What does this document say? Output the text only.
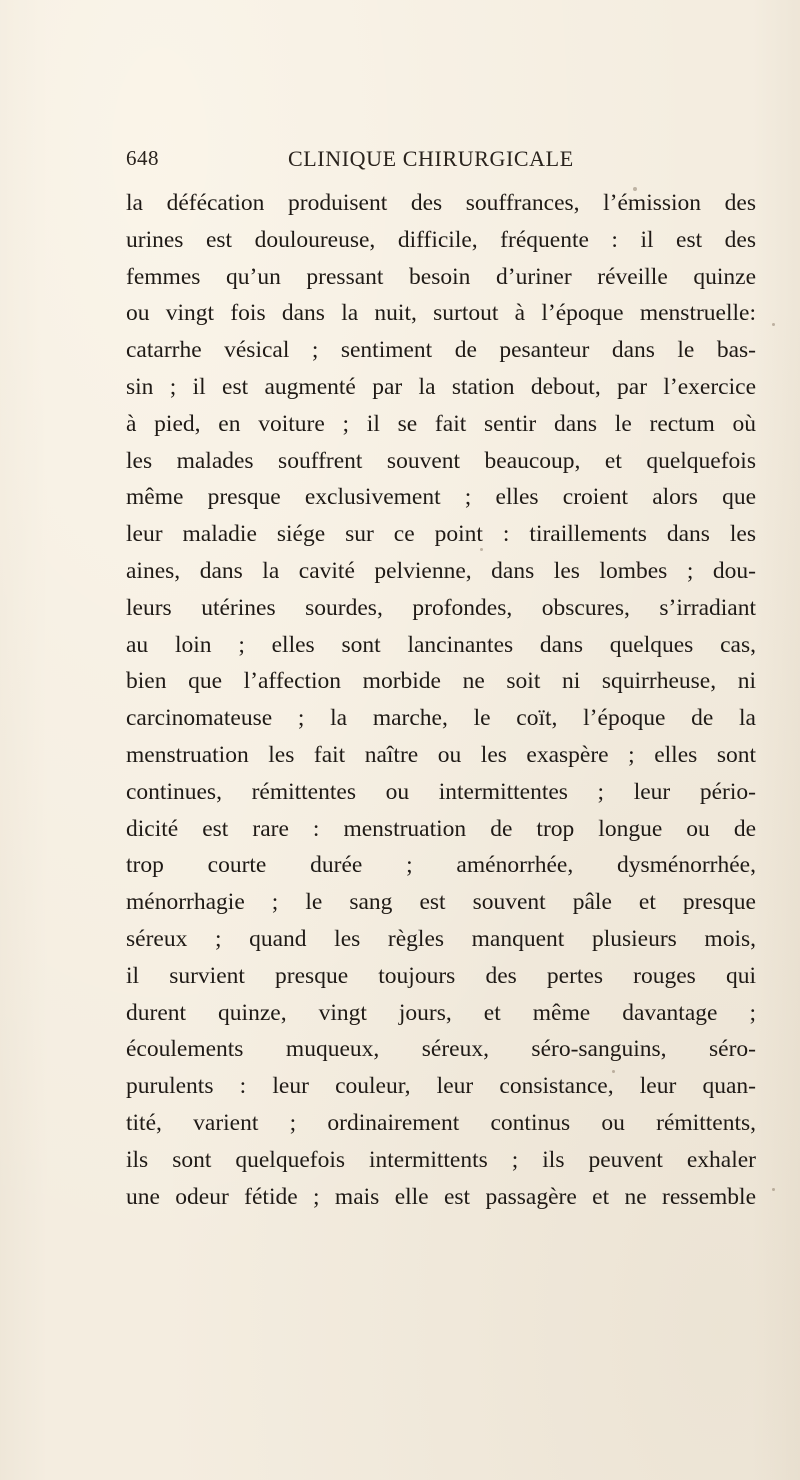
648	CLINIQUE CHIRURGICALE
la défécation produisent des souffrances, l’émission des
urines est douloureuse, difficile, fréquente : il est des
femmes qu’un pressant besoin d’uriner réveille quinze
ou vingt fois dans la nuit, surtout à l’époque menstruelle:
catarrhe vésical ; sentiment de pesanteur dans le bas-
sin ; il est augmenté par la station debout, par l’exercice
à pied, en voiture ; il se fait sentir dans le rectum où
les malades souffrent souvent beaucoup, et quelquefois
même presque exclusivement ; elles croient alors que
leur maladie siége sur ce point : tiraillements dans les
aines, dans la cavité pelvienne, dans les lombes ; dou-
leurs utérines sourdes, profondes, obscures, s’irradiant
au loin ; elles sont lancinantes dans quelques cas,
bien que l’affection morbide ne soit ni squirrheuse, ni
carcinomateuse ; la marche, le coït, l’époque de la
menstruation les fait naître ou les exaspère ; elles sont
continues, rémittentes ou intermittentes ; leur pério-
dicité est rare : menstruation de trop longue ou de
trop courte durée ; aménorrhée, dysménorrhée,
ménorrhagie ; le sang est souvent pâle et presque
séreux ; quand les règles manquent plusieurs mois,
il survient presque toujours des pertes rouges qui
durent quinze, vingt jours, et même davantage ;
écoulements muqueux, séreux, séro-sanguins, séro-
purulents : leur couleur, leur consistance, leur quan-
tité, varient ; ordinairement continus ou rémittents,
ils sont quelquefois intermittents ; ils peuvent exhaler
une odeur fétide ; mais elle est passagère et ne ressemble
